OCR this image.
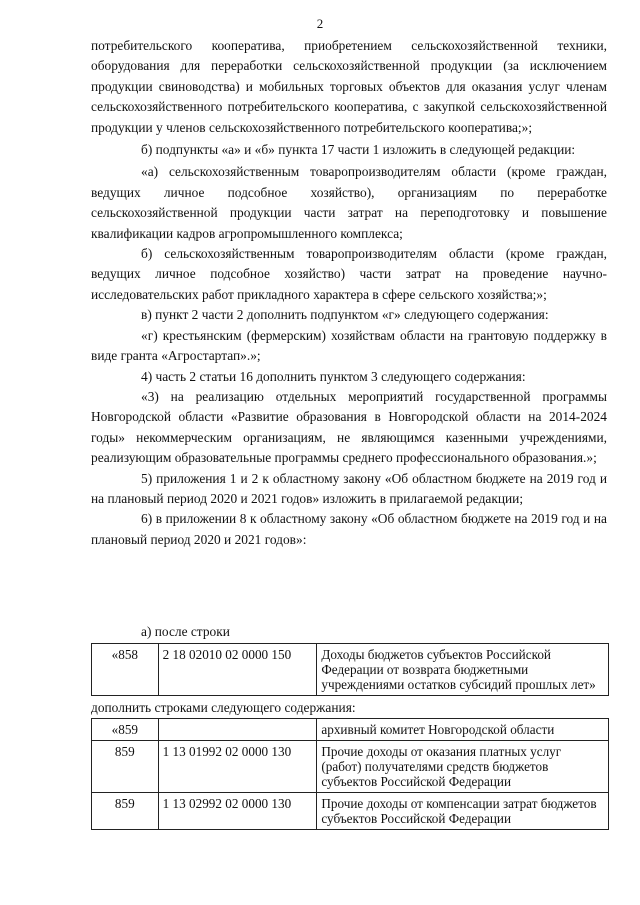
2

потребительского кооператива, приобретением сельскохозяйственной техники, оборудования для переработки сельскохозяйственной продукции (за исключением продукции свиноводства) и мобильных торговых объектов для оказания услуг членам сельскохозяйственного потребительского кооператива, с закупкой сельскохозяйственной продукции у членов сельскохозяйственного потребительского кооператива;»;

б) подпункты «а» и «б» пункта 17 части 1 изложить в следующей редакции:

«а) сельскохозяйственным товаропроизводителям области (кроме граждан, ведущих личное подсобное хозяйство), организациям по переработке сельскохозяйственной продукции части затрат на переподготовку и повышение квалификации кадров агропромышленного комплекса;

б) сельскохозяйственным товаропроизводителям области (кроме граждан, ведущих личное подсобное хозяйство) части затрат на проведение научно-исследовательских работ прикладного характера в сфере сельского хозяйства;»;

в) пункт 2 части 2 дополнить подпунктом «г» следующего содержания:

«г) крестьянским (фермерским) хозяйствам области на грантовую поддержку в виде гранта «Агростартап».»;

4) часть 2 статьи 16 дополнить пунктом 3 следующего содержания:

«3) на реализацию отдельных мероприятий государственной программы Новгородской области «Развитие образования в Новгородской области на 2014-2024 годы» некоммерческим организациям, не являющимся казенными учреждениями, реализующим образовательные программы среднего профессионального образования.»;

5) приложения 1 и 2 к областному закону «Об областном бюджете на 2019 год и на плановый период 2020 и 2021 годов» изложить в прилагаемой редакции;

6) в приложении 8 к областному закону «Об областном бюджете на 2019 год и на плановый период 2020 и 2021 годов»:

а) после строки
«858	2 18 02010 02 0000 150	Доходы бюджетов субъектов Российской Федерации от возврата бюджетными учреждениями остатков субсидий прошлых лет»
дополнить строками следующего содержания:
«859		архивный комитет Новгородской области
859	1 13 01992 02 0000 130	Прочие доходы от оказания платных услуг (работ) получателями средств бюджетов субъектов Российской Федерации
859	1 13 02992 02 0000 130	Прочие доходы от компенсации затрат бюджетов субъектов Российской Федерации
